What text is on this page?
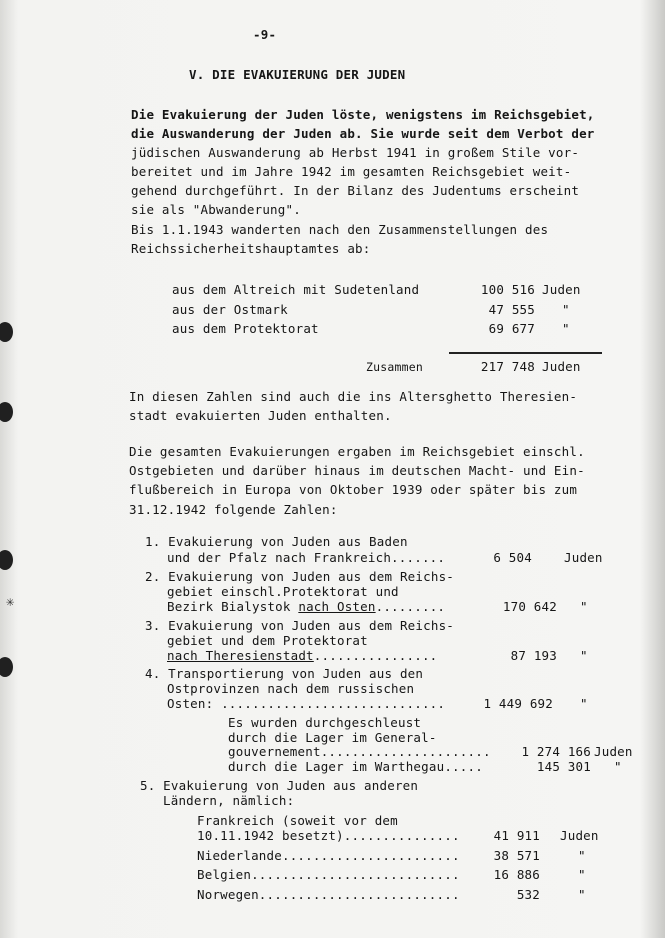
✳
-9-
V. DIE EVAKUIERUNG DER JUDEN
Die Evakuierung der Juden löste, wenigstens im Reichsgebiet,
die Auswanderung der Juden ab. Sie wurde seit dem Verbot der
jüdischen Auswanderung ab Herbst 1941 in großem Stile vor-
bereitet und im Jahre 1942 im gesamten Reichsgebiet weit-
gehend durchgeführt. In der Bilanz des Judentums erscheint
sie als "Abwanderung".
Bis 1.1.1943 wanderten nach den Zusammenstellungen des
Reichssicherheitshauptamtes ab:
aus dem Altreich mit Sudetenland	100 516 Juden
aus der Ostmark	47 555 "
aus dem Protektorat	69 677 "
Zusammen	217 748 Juden
In diesen Zahlen sind auch die ins Altersghetto Theresien-
stadt evakuierten Juden enthalten.
Die gesamten Evakuierungen ergaben im Reichsgebiet einschl.
Ostgebieten und darüber hinaus im deutschen Macht- und Ein-
flußbereich in Europa von Oktober 1939 oder später bis zum
31.12.1942 folgende Zahlen:
1. Evakuierung von Juden aus Baden
und der Pfalz nach Frankreich.......	6 504	Juden
2. Evakuierung von Juden aus dem Reichs-
gebiet einschl.Protektorat und
Bezirk Bialystok nach Osten.........	170 642 "
3. Evakuierung von Juden aus dem Reichs-
gebiet und dem Protektorat
nach Theresienstadt................	87 193 "
4. Transportierung von Juden aus den
Ostprovinzen nach dem russischen
Osten: .............................	1 449 692 "
Es wurden durchgeschleust
durch die Lager im General-
gouvernement......................	1 274 166 Juden
durch die Lager im Warthegau.....	145 301 "
5. Evakuierung von Juden aus anderen
Ländern, nämlich:
Frankreich (soweit vor dem
10.11.1942 besetzt)...............	41 911 Juden
Niederlande.......................	38 571	"
Belgien...........................	16 886	"
Norwegen..........................	532	"
